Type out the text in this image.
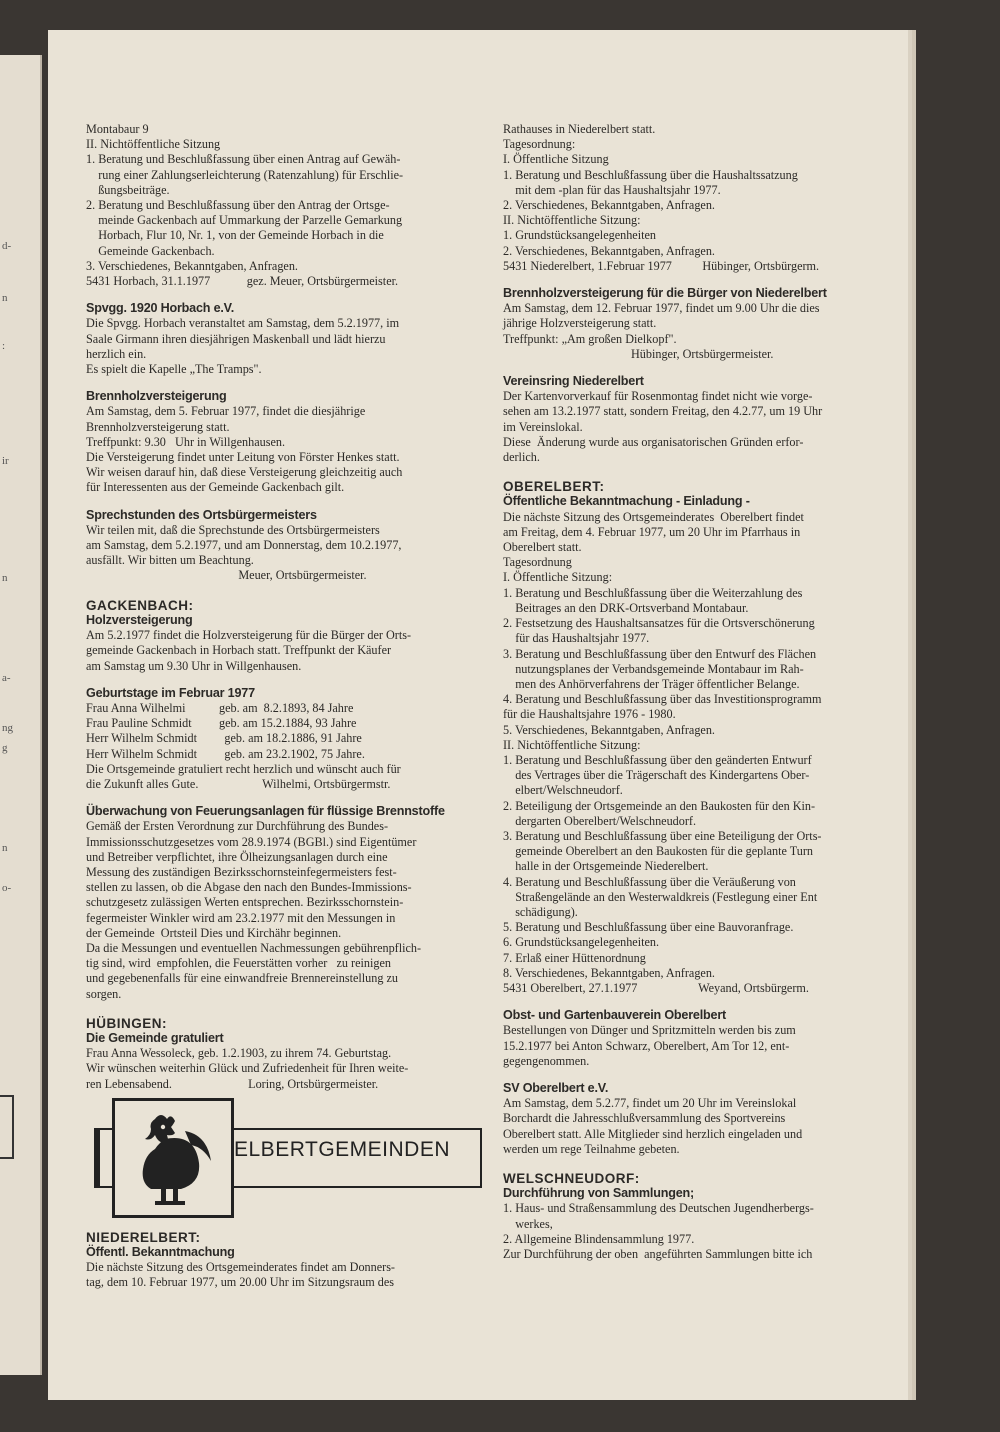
d-
n
:
ir
n
a-
ng
g
n
o-
Montabaur 9
II. Nichtöffentliche Sitzung
1. Beratung und Beschlußfassung über einen Antrag auf Gewäh-
rung einer Zahlungserleichterung (Ratenzahlung) für Erschlie-
ßungsbeiträge.
2. Beratung und Beschlußfassung über den Antrag der Ortsge-
meinde Gackenbach auf Ummarkung der Parzelle Gemarkung
Horbach, Flur 10, Nr. 1, von der Gemeinde Horbach in die
Gemeinde Gackenbach.
3. Verschiedenes, Bekanntgaben, Anfragen.
5431 Horbach, 31.1.1977            gez. Meuer, Ortsbürgermeister.
Spvgg. 1920 Horbach e.V.
Die Spvgg. Horbach veranstaltet am Samstag, dem 5.2.1977, im
Saale Girmann ihren diesjährigen Maskenball und lädt hierzu
herzlich ein.
Es spielt die Kapelle „The Tramps".
Brennholzversteigerung
Am Samstag, dem 5. Februar 1977, findet die diesjährige
Brennholzversteigerung statt.
Treffpunkt: 9.30   Uhr in Willgenhausen.
Die Versteigerung findet unter Leitung von Förster Henkes statt.
Wir weisen darauf hin, daß diese Versteigerung gleichzeitig auch
für Interessenten aus der Gemeinde Gackenbach gilt.
Sprechstunden des Ortsbürgermeisters
Wir teilen mit, daß die Sprechstunde des Ortsbürgermeisters
am Samstag, dem 5.2.1977, und am Donnerstag, dem 10.2.1977,
ausfällt. Wir bitten um Beachtung.
Meuer, Ortsbürgermeister.
GACKENBACH:
Holzversteigerung
Am 5.2.1977 findet die Holzversteigerung für die Bürger der Orts-
gemeinde Gackenbach in Horbach statt. Treffpunkt der Käufer
am Samstag um 9.30 Uhr in Willgenhausen.
Geburtstage im Februar 1977
Frau Anna Wilhelmi           geb. am  8.2.1893, 84 Jahre
Frau Pauline Schmidt         geb. am 15.2.1884, 93 Jahre
Herr Wilhelm Schmidt         geb. am 18.2.1886, 91 Jahre
Herr Wilhelm Schmidt         geb. am 23.2.1902, 75 Jahre.
Die Ortsgemeinde gratuliert recht herzlich und wünscht auch für
die Zukunft alles Gute.                     Wilhelmi, Ortsbürgermstr.
Überwachung von Feuerungsanlagen für flüssige Brennstoffe
Gemäß der Ersten Verordnung zur Durchführung des Bundes-
Immissionsschutzgesetzes vom 28.9.1974 (BGBl.) sind Eigentümer
und Betreiber verpflichtet, ihre Ölheizungsanlagen durch eine
Messung des zuständigen Bezirksschornsteinfegermeisters fest-
stellen zu lassen, ob die Abgase den nach den Bundes-Immissions-
schutzgesetz zulässigen Werten entsprechen. Bezirksschornstein-
fegermeister Winkler wird am 23.2.1977 mit den Messungen in
der Gemeinde  Ortsteil Dies und Kirchähr beginnen.
Da die Messungen und eventuellen Nachmessungen gebührenpflich-
tig sind, wird  empfohlen, die Feuerstätten vorher   zu reinigen
und gegebenenfalls für eine einwandfreie Brennereinstellung zu
sorgen.
HÜBINGEN:
Die Gemeinde gratuliert
Frau Anna Wessoleck, geb. 1.2.1903, zu ihrem 74. Geburtstag.
Wir wünschen weiterhin Glück und Zufriedenheit für Ihren weite-
ren Lebensabend.                         Loring, Ortsbürgermeister.
ELBERTGEMEINDEN
NIEDERELBERT:
Öffentl. Bekanntmachung
Die nächste Sitzung des Ortsgemeinderates findet am Donners-
tag, dem 10. Februar 1977, um 20.00 Uhr im Sitzungsraum des
Rathauses in Niederelbert statt.
Tagesordnung:
I. Öffentliche Sitzung
1. Beratung und Beschlußfassung über die Haushaltssatzung
mit dem -plan für das Haushaltsjahr 1977.
2. Verschiedenes, Bekanntgaben, Anfragen.
II. Nichtöffentliche Sitzung:
1. Grundstücksangelegenheiten
2. Verschiedenes, Bekanntgaben, Anfragen.
5431 Niederelbert, 1.Februar 1977          Hübinger, Ortsbürgerm.
Brennholzversteigerung für die Bürger von Niederelbert
Am Samstag, dem 12. Februar 1977, findet um 9.00 Uhr die dies
jährige Holzversteigerung statt.
Treffpunkt: „Am großen Dielkopf".
Hübinger, Ortsbürgermeister.
Vereinsring Niederelbert
Der Kartenvorverkauf für Rosenmontag findet nicht wie vorge-
sehen am 13.2.1977 statt, sondern Freitag, den 4.2.77, um 19 Uhr
im Vereinslokal.
Diese  Änderung wurde aus organisatorischen Gründen erfor-
derlich.
OBERELBERT:
Öffentliche Bekanntmachung - Einladung -
Die nächste Sitzung des Ortsgemeinderates  Oberelbert findet
am Freitag, dem 4. Februar 1977, um 20 Uhr im Pfarrhaus in
Oberelbert statt.
Tagesordnung
I. Öffentliche Sitzung:
1. Beratung und Beschlußfassung über die Weiterzahlung des
Beitrages an den DRK-Ortsverband Montabaur.
2. Festsetzung des Haushaltsansatzes für die Ortsverschönerung
für das Haushaltsjahr 1977.
3. Beratung und Beschlußfassung über den Entwurf des Flächen
nutzungsplanes der Verbandsgemeinde Montabaur im Rah-
men des Anhörverfahrens der Träger öffentlicher Belange.
4. Beratung und Beschlußfassung über das Investitionsprogramm
für die Haushaltsjahre 1976 - 1980.
5. Verschiedenes, Bekanntgaben, Anfragen.
II. Nichtöffentliche Sitzung:
1. Beratung und Beschlußfassung über den geänderten Entwurf
des Vertrages über die Trägerschaft des Kindergartens Ober-
elbert/Welschneudorf.
2. Beteiligung der Ortsgemeinde an den Baukosten für den Kin-
dergarten Oberelbert/Welschneudorf.
3. Beratung und Beschlußfassung über eine Beteiligung der Orts-
gemeinde Oberelbert an den Baukosten für die geplante Turn
halle in der Ortsgemeinde Niederelbert.
4. Beratung und Beschlußfassung über die Veräußerung von
Straßengelände an den Westerwaldkreis (Festlegung einer Ent
schädigung).
5. Beratung und Beschlußfassung über eine Bauvoranfrage.
6. Grundstücksangelegenheiten.
7. Erlaß einer Hüttenordnung
8. Verschiedenes, Bekanntgaben, Anfragen.
5431 Oberelbert, 27.1.1977                    Weyand, Ortsbürgerm.
Obst- und Gartenbauverein Oberelbert
Bestellungen von Dünger und Spritzmitteln werden bis zum
15.2.1977 bei Anton Schwarz, Oberelbert, Am Tor 12, ent-
gegengenommen.
SV Oberelbert e.V.
Am Samstag, dem 5.2.77, findet um 20 Uhr im Vereinslokal
Borchardt die Jahresschlußversammlung des Sportvereins
Oberelbert statt. Alle Mitglieder sind herzlich eingeladen und
werden um rege Teilnahme gebeten.
WELSCHNEUDORF:
Durchführung von Sammlungen;
1. Haus- und Straßensammlung des Deutschen Jugendherbergs-
werkes,
2. Allgemeine Blindensammlung 1977.
Zur Durchführung der oben  angeführten Sammlungen bitte ich
